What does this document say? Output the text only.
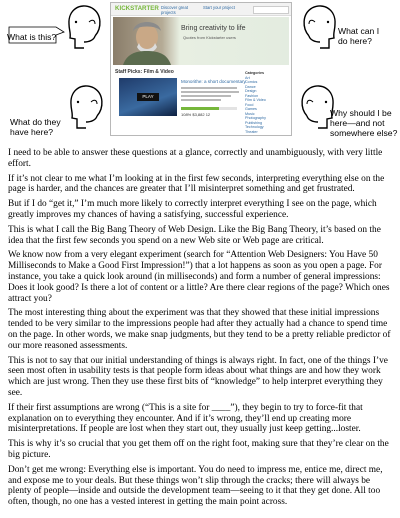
What is this?
What do they
have here?
KICKSTARTER Discover great projects
Start your project
Bring creativity to life
Quotes from Kickstarter users
Staff Picks: Film & Video
PLAY
Monorithe: a short documentary
108% $3,882 12
Categories
Art
Comics
Dance
Design
Fashion
Film & Video
Food
Games
Music
Photography
Publishing
Technology
Theater
What can I
do here?
Why should I be
here—and not
somewhere else?

I need to be able to answer these questions at a glance, correctly and unambiguously, with very little effort.

If it’s not clear to me what I’m looking at in the first few seconds, interpreting everything else on the page is harder, and the chances are greater that I’ll misinterpret something and get frustrated.

But if I do “get it,” I’m much more likely to correctly interpret everything I see on the page, which greatly improves my chances of having a satisfying, successful experience.

This is what I call the Big Bang Theory of Web Design. Like the Big Bang Theory, it’s based on the idea that the first few seconds you spend on a new Web site or Web page are critical.

We know now from a very elegant experiment (search for “Attention Web Designers: You Have 50 Milliseconds to Make a Good First Impression!”) that a lot happens as soon as you open a page. For instance, you take a quick look around (in milliseconds) and form a number of general impressions: Does it look good? Is there a lot of content or a little? Are there clear regions of the page? Which ones attract you?

The most interesting thing about the experiment was that they showed that these initial impressions tended to be very similar to the impressions people had after they actually had a chance to spend time on the page. In other words, we make snap judgments, but they tend to be a pretty reliable predictor of our more reasoned assessments.

This is not to say that our initial understanding of things is always right. In fact, one of the things I’ve seen most often in usability tests is that people form ideas about what things are and how they work which are just wrong. Then they use these first bits of “knowledge” to help interpret everything they see.

If their first assumptions are wrong (“This is a site for ____”), they begin to try to force-fit that explanation on to everything they encounter. And if it’s wrong, they’ll end up creating more misinterpretations. If people are lost when they start out, they usually just keep getting...loster.

This is why it’s so crucial that you get them off on the right foot, making sure that they’re clear on the big picture.

Don’t get me wrong: Everything else is important. You do need to impress me, entice me, direct me, and expose me to your deals. But these things won’t slip through the cracks; there will always be plenty of people—inside and outside the development team—seeing to it that they get done. All too often, though, no one has a vested interest in getting the main point across.
